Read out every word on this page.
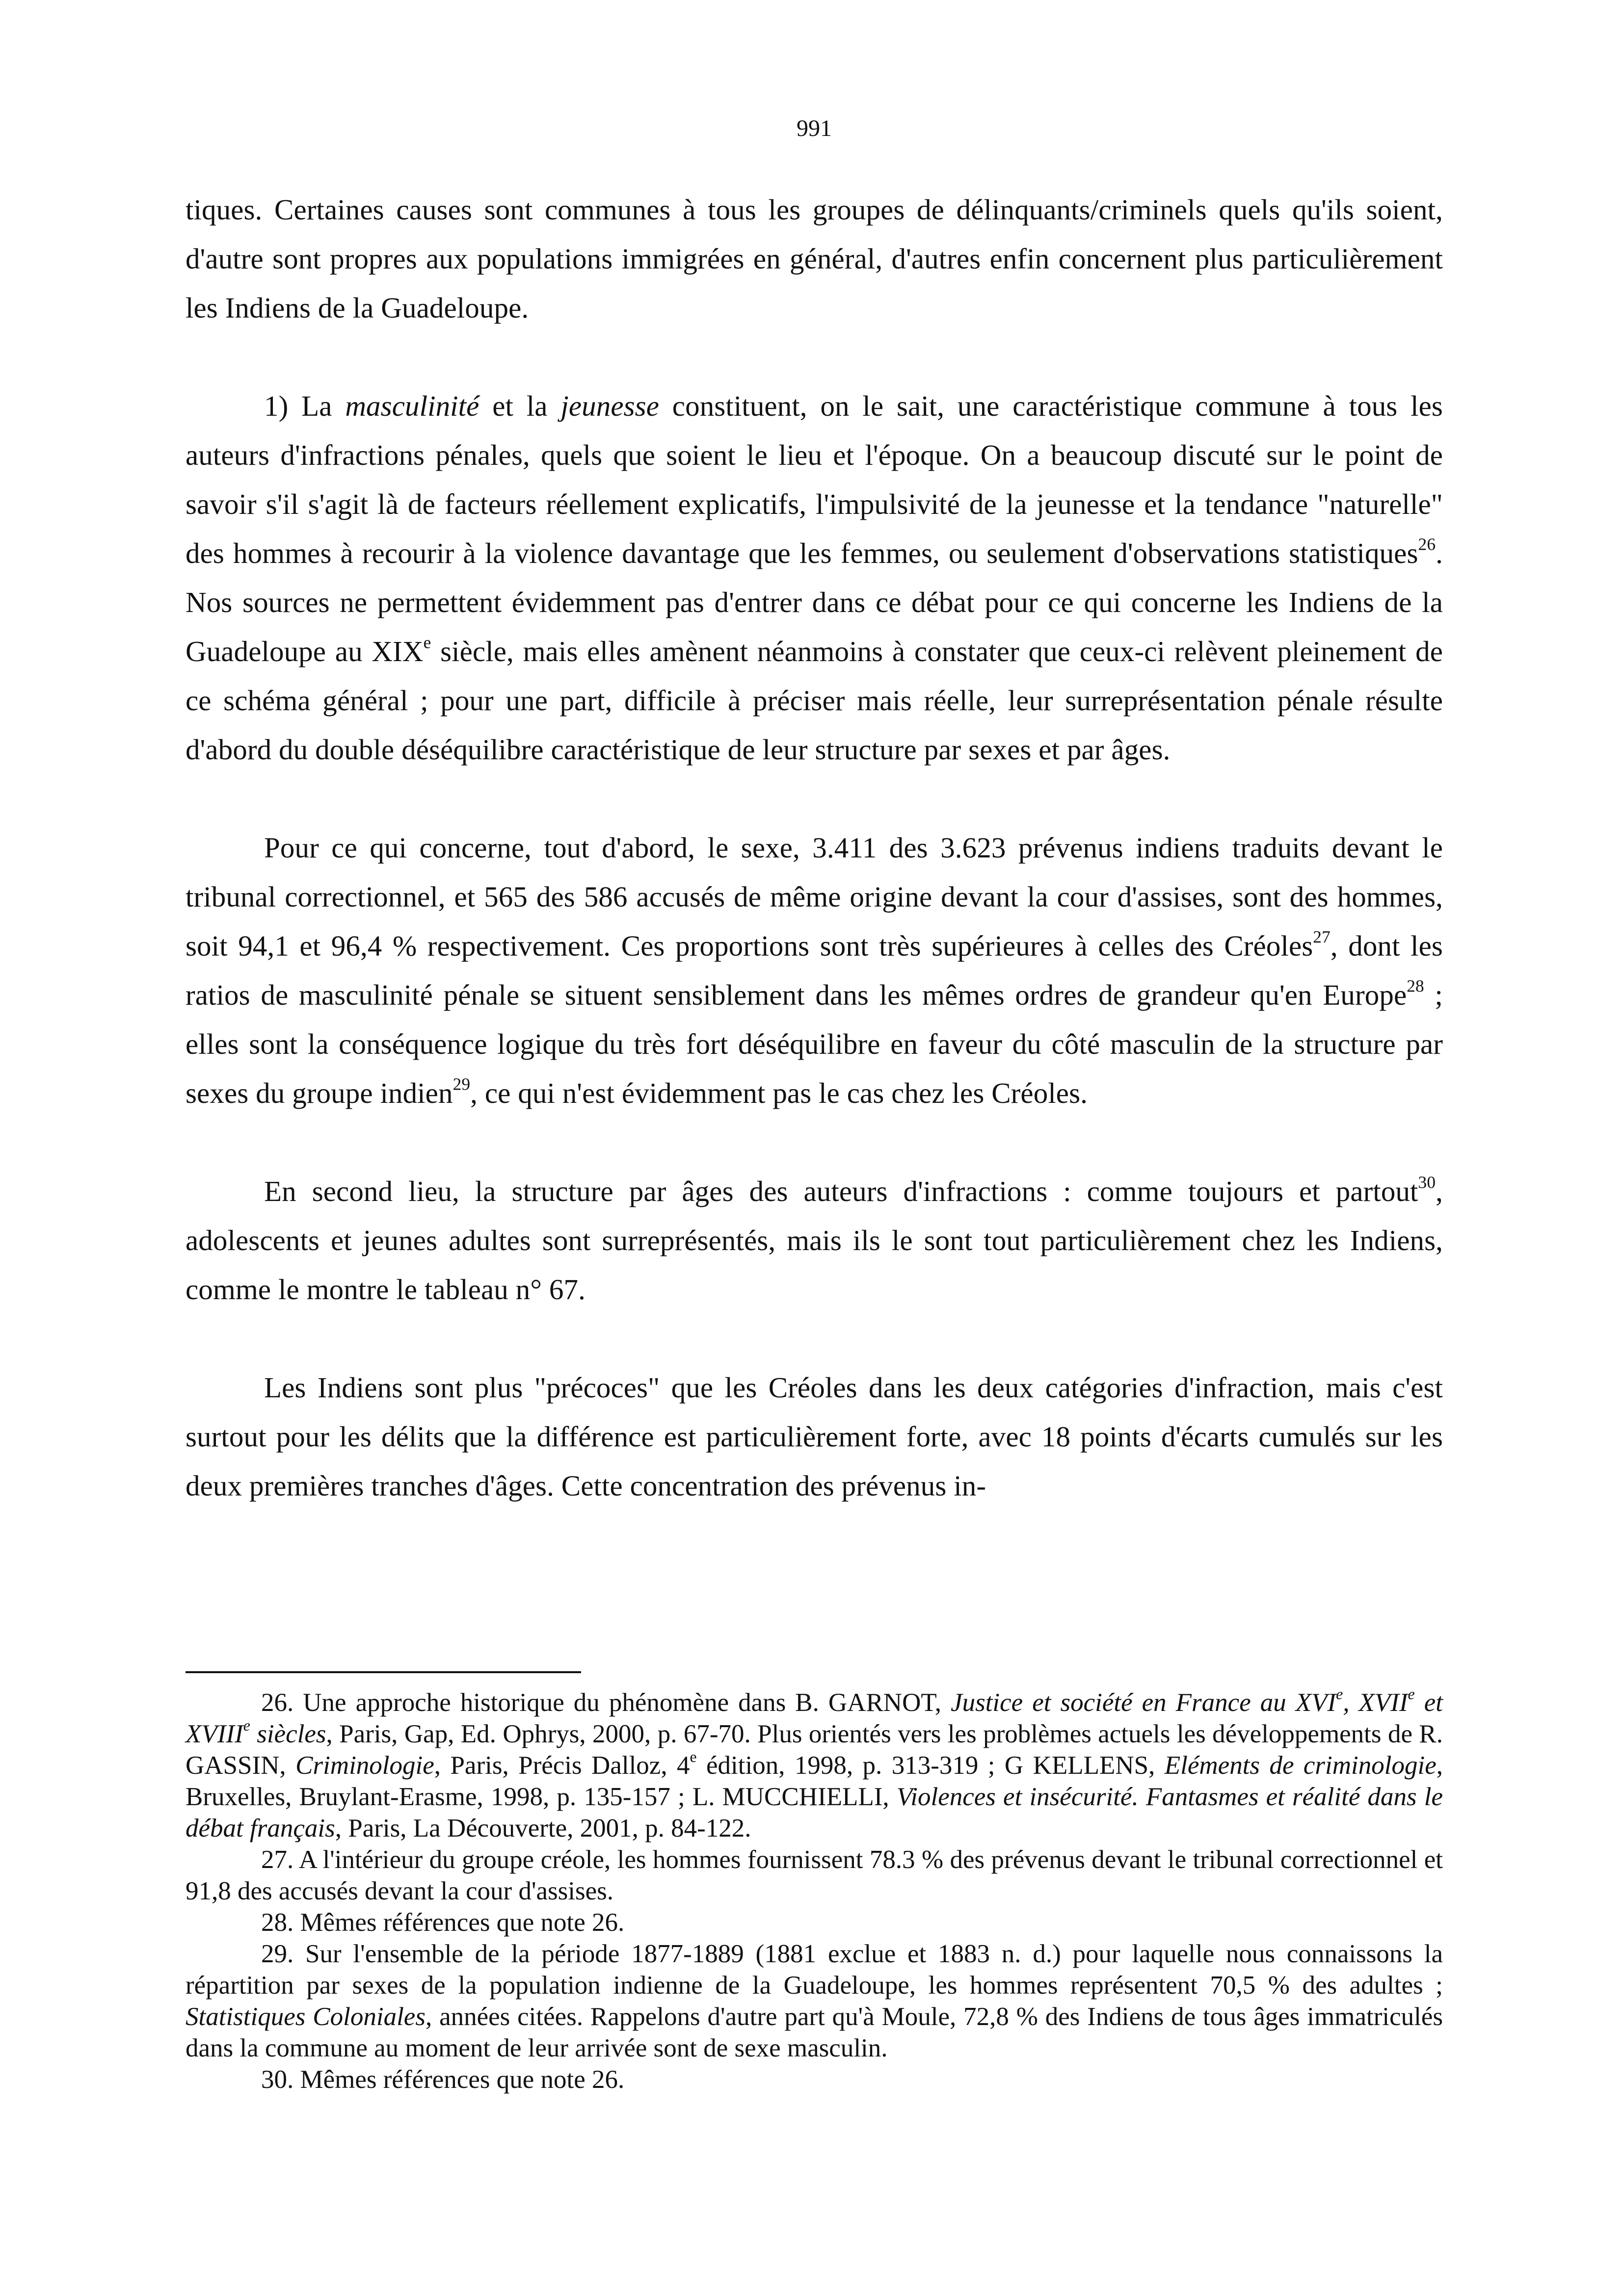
991

tiques. Certaines causes sont communes à tous les groupes de délinquants/criminels quels qu'ils soient, d'autre sont propres aux populations immigrées en général, d'autres enfin concernent plus particulièrement les Indiens de la Guadeloupe.

1) La masculinité et la jeunesse constituent, on le sait, une caractéristique commune à tous les auteurs d'infractions pénales, quels que soient le lieu et l'époque. On a beaucoup discuté sur le point de savoir s'il s'agit là de facteurs réellement explicatifs, l'impulsivité de la jeunesse et la tendance "naturelle" des hommes à recourir à la violence davantage que les femmes, ou seulement d'observations statistiques$^{26}$. Nos sources ne permettent évidemment pas d'entrer dans ce débat pour ce qui concerne les Indiens de la Guadeloupe au XIXe siècle, mais elles amènent néanmoins à constater que ceux-ci relèvent pleinement de ce schéma général ; pour une part, difficile à préciser mais réelle, leur surreprésentation pénale résulte d'abord du double déséquilibre caractéristique de leur structure par sexes et par âges.

Pour ce qui concerne, tout d'abord, le sexe, 3.411 des 3.623 prévenus indiens traduits devant le tribunal correctionnel, et 565 des 586 accusés de même origine devant la cour d'assises, sont des hommes, soit 94,1 et 96,4 % respectivement. Ces proportions sont très supérieures à celles des Créoles$^{27}$, dont les ratios de masculinité pénale se situent sensiblement dans les mêmes ordres de grandeur qu'en Europe$^{28}$ ; elles sont la conséquence logique du très fort déséquilibre en faveur du côté masculin de la structure par sexes du groupe indien$^{29}$, ce qui n'est évidemment pas le cas chez les Créoles.

En second lieu, la structure par âges des auteurs d'infractions : comme toujours et partout$^{30}$, adolescents et jeunes adultes sont surreprésentés, mais ils le sont tout particulièrement chez les Indiens, comme le montre le tableau n° 67.

Les Indiens sont plus "précoces" que les Créoles dans les deux catégories d'infraction, mais c'est surtout pour les délits que la différence est particulièrement forte, avec 18 points d'écarts cumulés sur les deux premières tranches d'âges. Cette concentration des prévenus in-

26. Une approche historique du phénomène dans B. GARNOT, Justice et société en France au XVIe, XVIIe et XVIIIe siècles, Paris, Gap, Ed. Ophrys, 2000, p. 67-70. Plus orientés vers les problèmes actuels les développements de R. GASSIN, Criminologie, Paris, Précis Dalloz, 4e édition, 1998, p. 313-319 ; G KELLENS, Eléments de criminologie, Bruxelles, Bruylant-Erasme, 1998, p. 135-157 ; L. MUCCHIELLI, Violences et insécurité. Fantasmes et réalité dans le débat français, Paris, La Découverte, 2001, p. 84-122.

27. A l'intérieur du groupe créole, les hommes fournissent 78.3 % des prévenus devant le tribunal correctionnel et 91,8 des accusés devant la cour d'assises.

28. Mêmes références que note 26.

29. Sur l'ensemble de la période 1877-1889 (1881 exclue et 1883 n. d.) pour laquelle nous connaissons la répartition par sexes de la population indienne de la Guadeloupe, les hommes représentent 70,5 % des adultes ; Statistiques Coloniales, années citées. Rappelons d'autre part qu'à Moule, 72,8 % des Indiens de tous âges immatriculés dans la commune au moment de leur arrivée sont de sexe masculin.

30. Mêmes références que note 26.
